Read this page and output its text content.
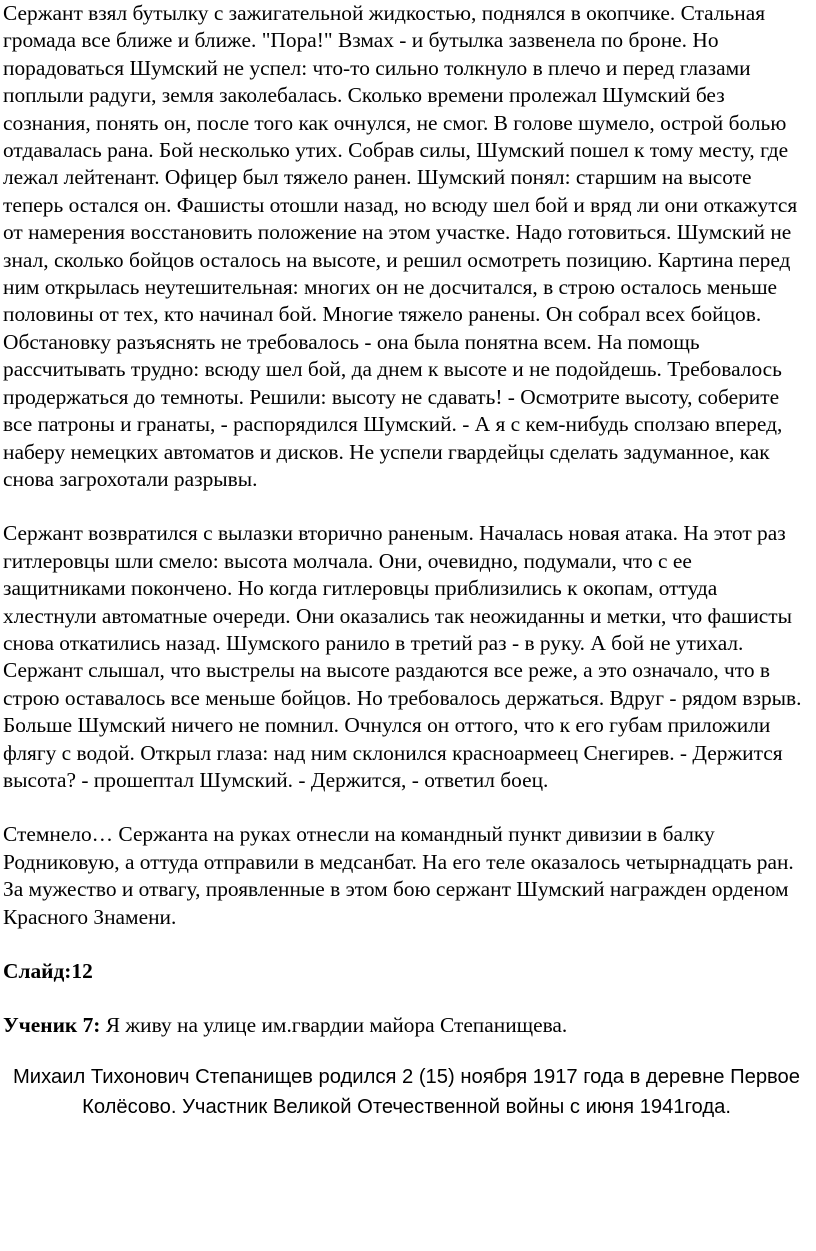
Сержант взял бутылку с зажигательной жидкостью, поднялся в окопчике. Стальная громада все ближе и ближе. "Пора!" Взмах - и бутылка зазвенела по броне. Но порадоваться Шумский не успел: что-то сильно толкнуло в плечо и перед глазами поплыли радуги, земля заколебалась. Сколько времени пролежал Шумский без сознания, понять он, после того как очнулся, не смог. В голове шумело, острой болью отдавалась рана. Бой несколько утих. Собрав силы, Шумский пошел к тому месту, где лежал лейтенант. Офицер был тяжело ранен. Шумский понял: старшим на высоте теперь остался он. Фашисты отошли назад, но всюду шел бой и вряд ли они откажутся от намерения восстановить положение на этом участке. Надо готовиться. Шумский не знал, сколько бойцов осталось на высоте, и решил осмотреть позицию. Картина перед ним открылась неутешительная: многих он не досчитался, в строю осталось меньше половины от тех, кто начинал бой. Многие тяжело ранены. Он собрал всех бойцов. Обстановку разъяснять не требовалось - она была понятна всем. На помощь рассчитывать трудно: всюду шел бой, да днем к высоте и не подойдешь. Требовалось продержаться до темноты. Решили: высоту не сдавать! - Осмотрите высоту, соберите все патроны и гранаты, - распорядился Шумский. - А я с кем-нибудь сползаю вперед, наберу немецких автоматов и дисков. Не успели гвардейцы сделать задуманное, как снова загрохотали разрывы.

Сержант возвратился с вылазки вторично раненым. Началась новая атака. На этот раз гитлеровцы шли смело: высота молчала. Они, очевидно, подумали, что с ее защитниками покончено. Но когда гитлеровцы приблизились к окопам, оттуда хлестнули автоматные очереди. Они оказались так неожиданны и метки, что фашисты снова откатились назад. Шумского ранило в третий раз - в руку. А бой не утихал. Сержант слышал, что выстрелы на высоте раздаются все реже, а это означало, что в строю оставалось все меньше бойцов. Но требовалось держаться. Вдруг - рядом взрыв. Больше Шумский ничего не помнил. Очнулся он оттого, что к его губам приложили флягу с водой. Открыл глаза: над ним склонился красноармеец Снегирев. - Держится высота? - прошептал Шумский. - Держится, - ответил боец.

Стемнело… Сержанта на руках отнесли на командный пункт дивизии в балку Родниковую, а оттуда отправили в медсанбат. На его теле оказалось четырнадцать ран. За мужество и отвагу, проявленные в этом бою сержант Шумский награжден орденом Красного Знамени.

Слайд:12

Ученик 7: Я живу на улице им.гвардии майора Степанищева.

Михаил Тихонович Степанищев родился 2 (15) ноября 1917 года в деревне Первое Колёсово. Участник Великой Отечественной войны с июня 1941года.
